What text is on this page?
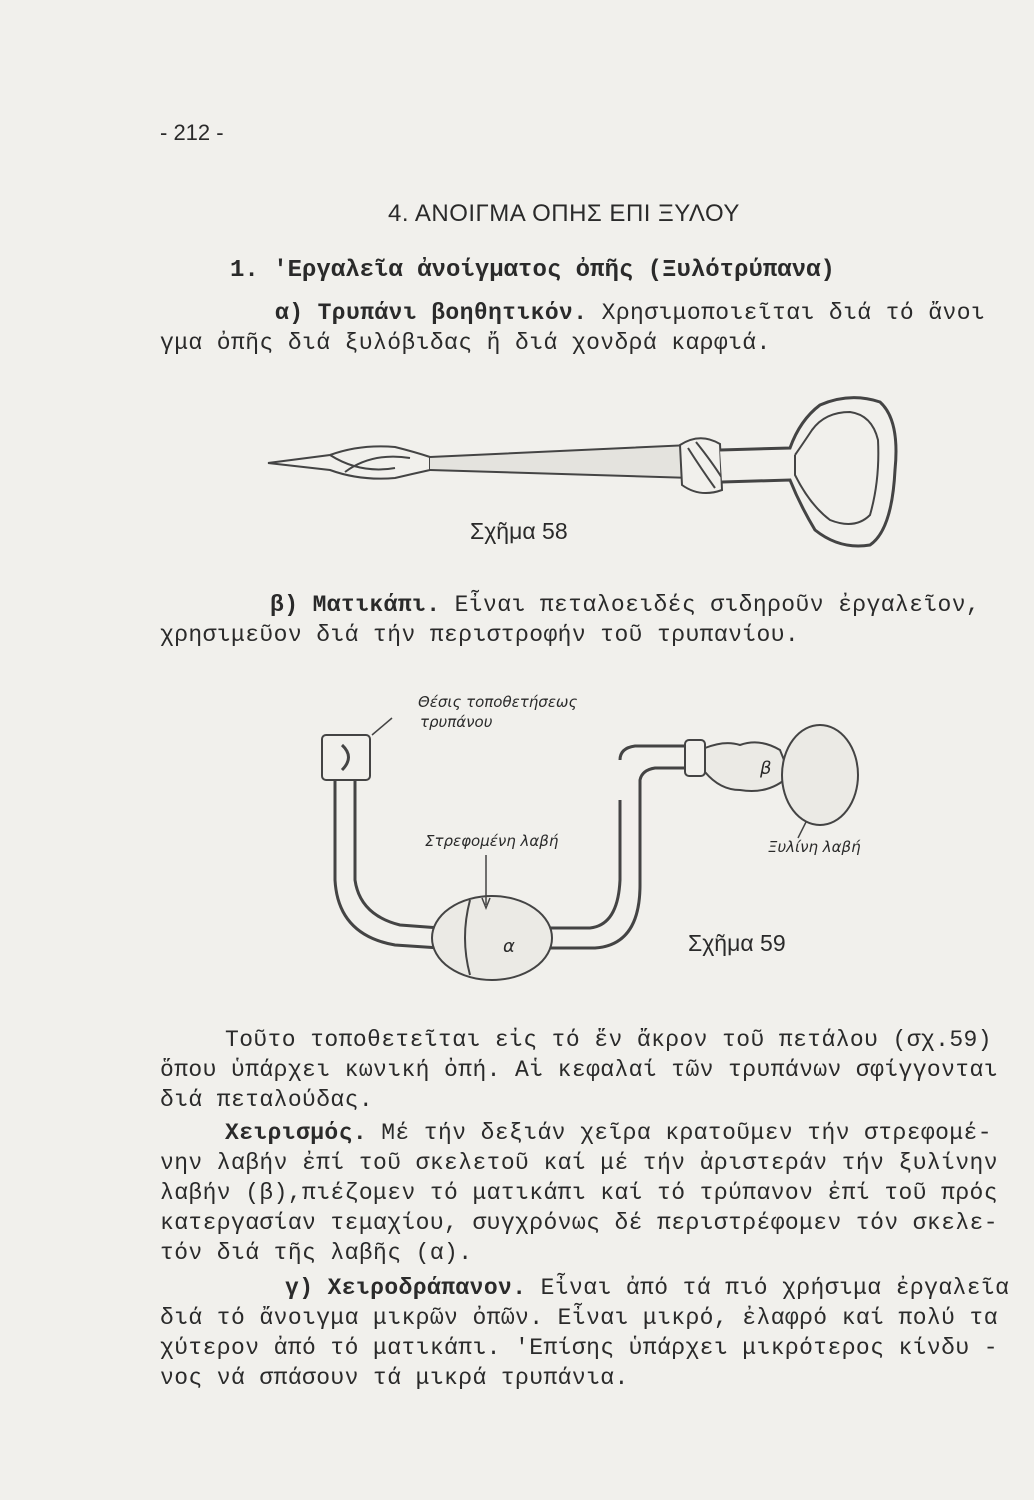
- 212 -
4. ΑΝΟΙΓΜΑ ΟΠΗΣ ΕΠΙ ΞΥΛΟΥ
1. 'Εργαλεῖα ἀνοίγματος ὀπῆς (Ξυλότρύπανα)
α) Τρυπάνι βοηθητικόν. Χρησιμοποιεῖται διά τό ἄνοι
γμα ὀπῆς διά ξυλόβιδας ἤ διά χονδρά καρφιά.
Σχῆμα 58
β) Ματικάπι. Εἶναι πεταλοειδές σιδηροῦν ἐργαλεῖον,
χρησιμεῦον διά τήν περιστροφήν τοῦ τρυπανίου.
Θέσις τοποθετήσεως
τρυπάνου
Στρεφομένη λαβή	Ξυλίνη λαβή
α
β
Σχῆμα 59
Τοῦτο τοποθετεῖται εἰς τό ἕν ἄκρον τοῦ πετάλου (σχ.59)
ὅπου ὑπάρχει κωνική ὀπή. Αἱ κεφαλαί τῶν τρυπάνων σφίγγονται
διά πεταλούδας.
Χειρισμός. Μέ τήν δεξιάν χεῖρα κρατοῦμεν τήν στρεφομέ-
νην λαβήν ἐπί τοῦ σκελετοῦ καί μέ τήν ἀριστεράν τήν ξυλίνην
λαβήν (β),πιέζομεν τό ματικάπι καί τό τρύπανον ἐπί τοῦ πρός
κατεργασίαν τεμαχίου, συγχρόνως δέ περιστρέφομεν τόν σκελε-
τόν διά τῆς λαβῆς (α).
γ) Χειροδράπανον. Εἶναι ἀπό τά πιό χρήσιμα ἐργαλεῖα
διά τό ἄνοιγμα μικρῶν ὀπῶν. Εἶναι μικρό, ἐλαφρό καί πολύ τα
χύτερον ἀπό τό ματικάπι. 'Επίσης ὑπάρχει μικρότερος κίνδυ -
νος νά σπάσουν τά μικρά τρυπάνια.
